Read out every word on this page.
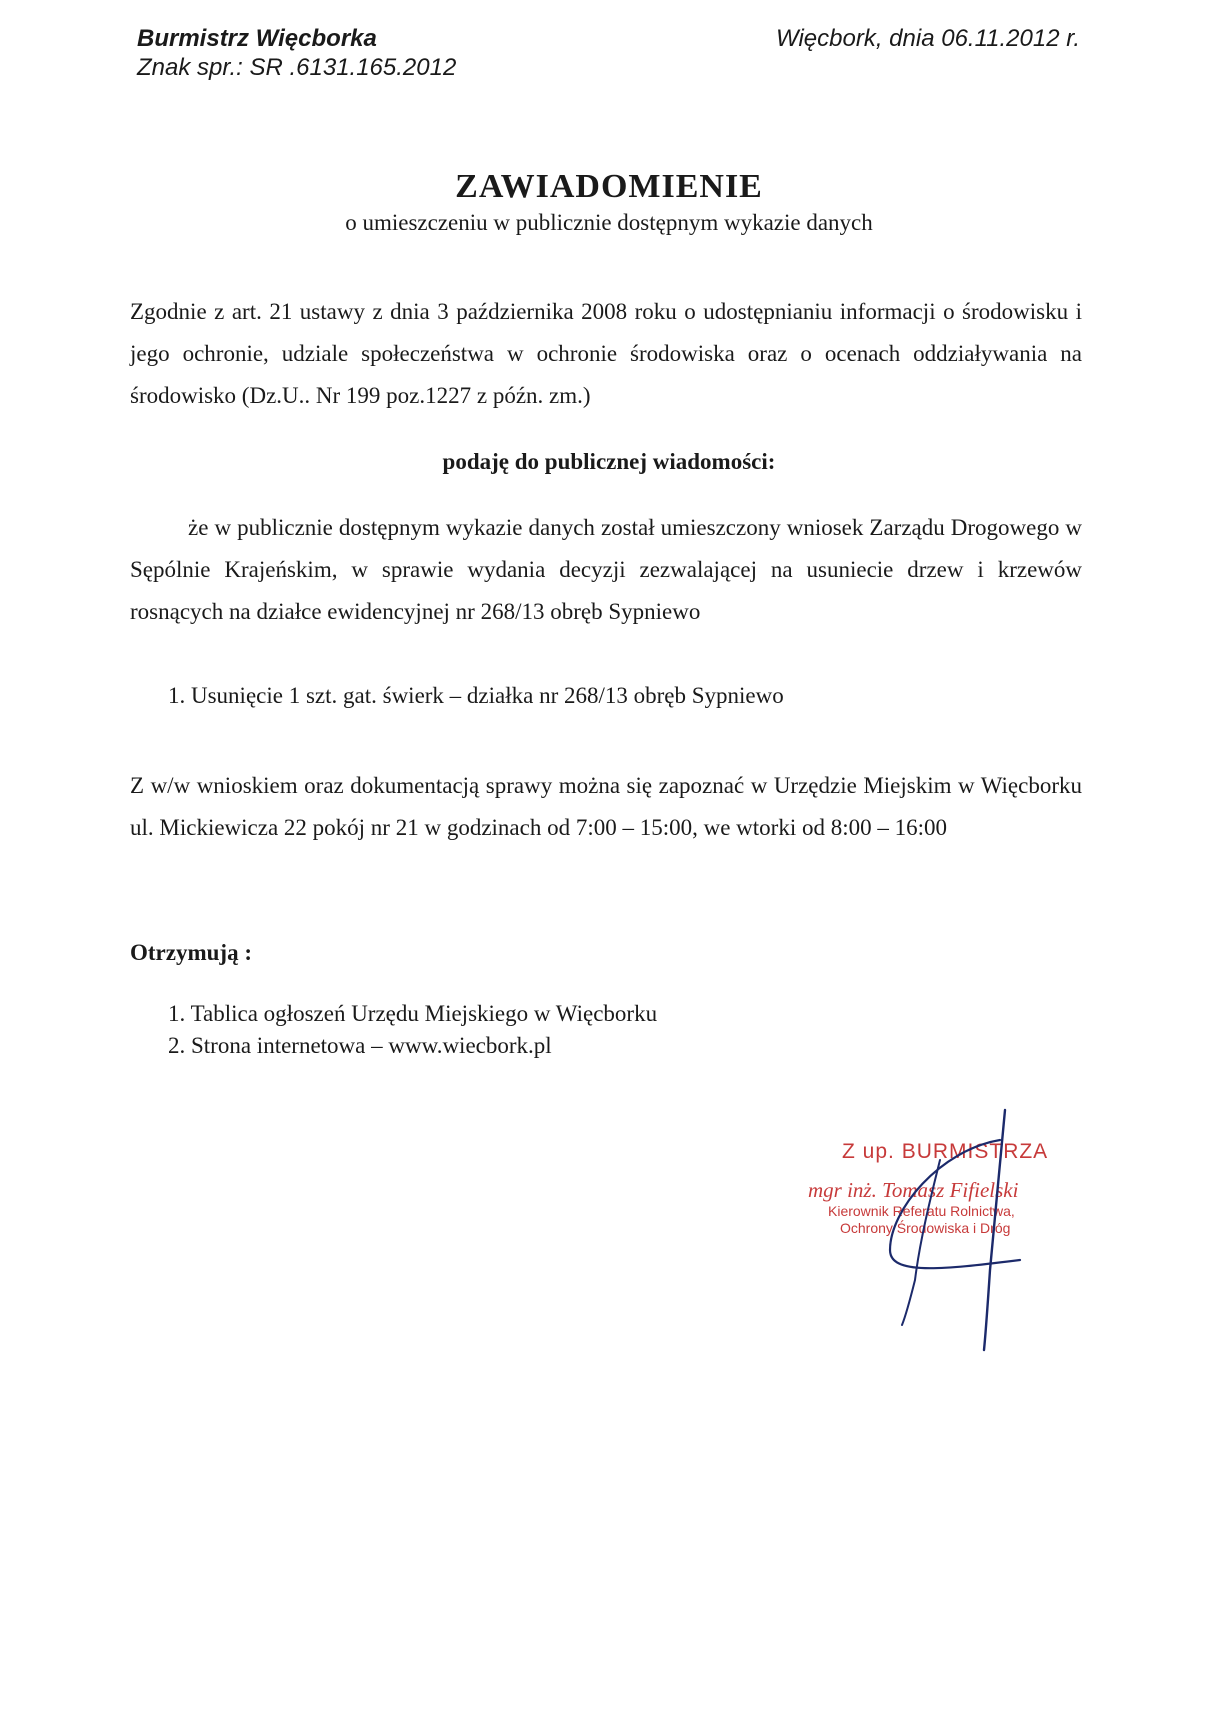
Burmistrz Więcborka
Znak spr.: SR .6131.165.2012
Więcbork, dnia 06.11.2012 r.
ZAWIADOMIENIE
o umieszczeniu w publicznie dostępnym wykazie danych
Zgodnie z art. 21 ustawy z dnia 3 października 2008 roku o udostępnianiu informacji o środowisku i jego ochronie, udziale społeczeństwa w ochronie środowiska oraz o ocenach oddziaływania na środowisko (Dz.U.. Nr 199 poz.1227 z późn. zm.)
podaję do publicznej wiadomości:
że w publicznie dostępnym wykazie danych został umieszczony wniosek Zarządu Drogowego w Sępólnie Krajeńskim, w sprawie wydania decyzji zezwalającej na usuniecie drzew i krzewów rosnących na działce ewidencyjnej nr 268/13 obręb Sypniewo
1. Usunięcie 1 szt. gat. świerk – działka nr 268/13 obręb Sypniewo
Z w/w wnioskiem oraz dokumentacją sprawy można się zapoznać w Urzędzie Miejskim w Więcborku ul. Mickiewicza 22 pokój nr 21 w godzinach od 7:00 – 15:00, we wtorki od 8:00 – 16:00
Otrzymują :
1. Tablica ogłoszeń Urzędu Miejskiego w Więcborku
2. Strona internetowa – www.wiecbork.pl
Z up. BURMISTRZA
mgr inż. Tomasz Fifielski
Kierownik Referatu Rolnictwa,
Ochrony Środowiska i Dróg
